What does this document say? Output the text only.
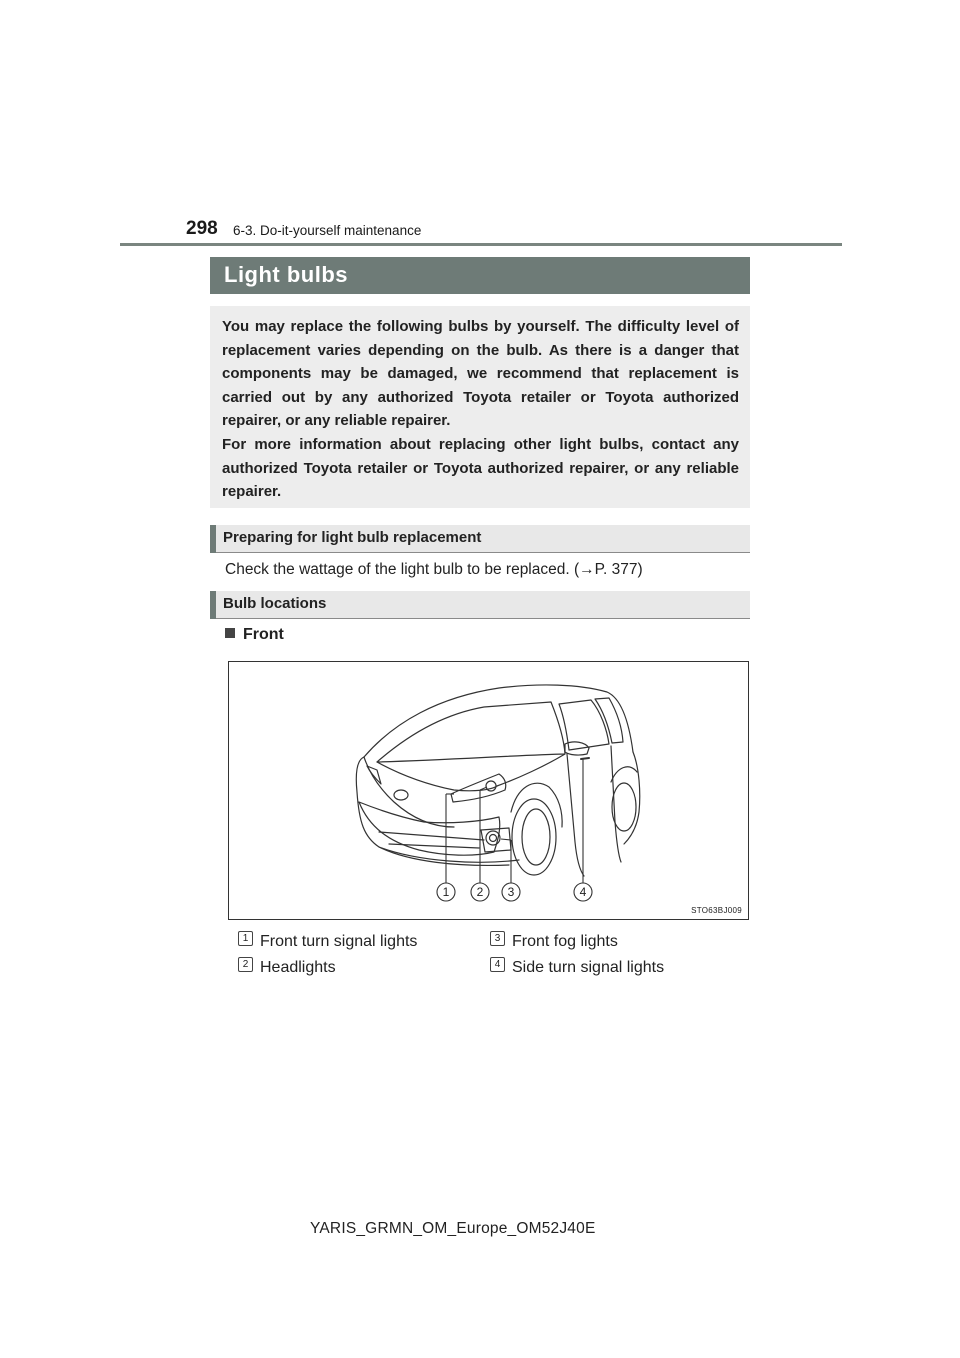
298 6-3. Do-it-yourself maintenance
Light bulbs

You may replace the following bulbs by yourself. The difficulty level of replacement varies depending on the bulb. As there is a danger that components may be damaged, we recommend that replacement is carried out by any authorized Toyota retailer or Toyota authorized repairer, or any reliable repairer.

For more information about replacing other light bulbs, contact any authorized Toyota retailer or Toyota authorized repairer, or any reliable repairer.

Preparing for light bulb replacement
Check the wattage of the light bulb to be replaced. (→P. 377)
Bulb locations
Front
1 2 3	4
STO63BJ009
1 Front turn signal lights
2 Headlights
3 Front fog lights
4 Side turn signal lights
YARIS_GRMN_OM_Europe_OM52J40E
